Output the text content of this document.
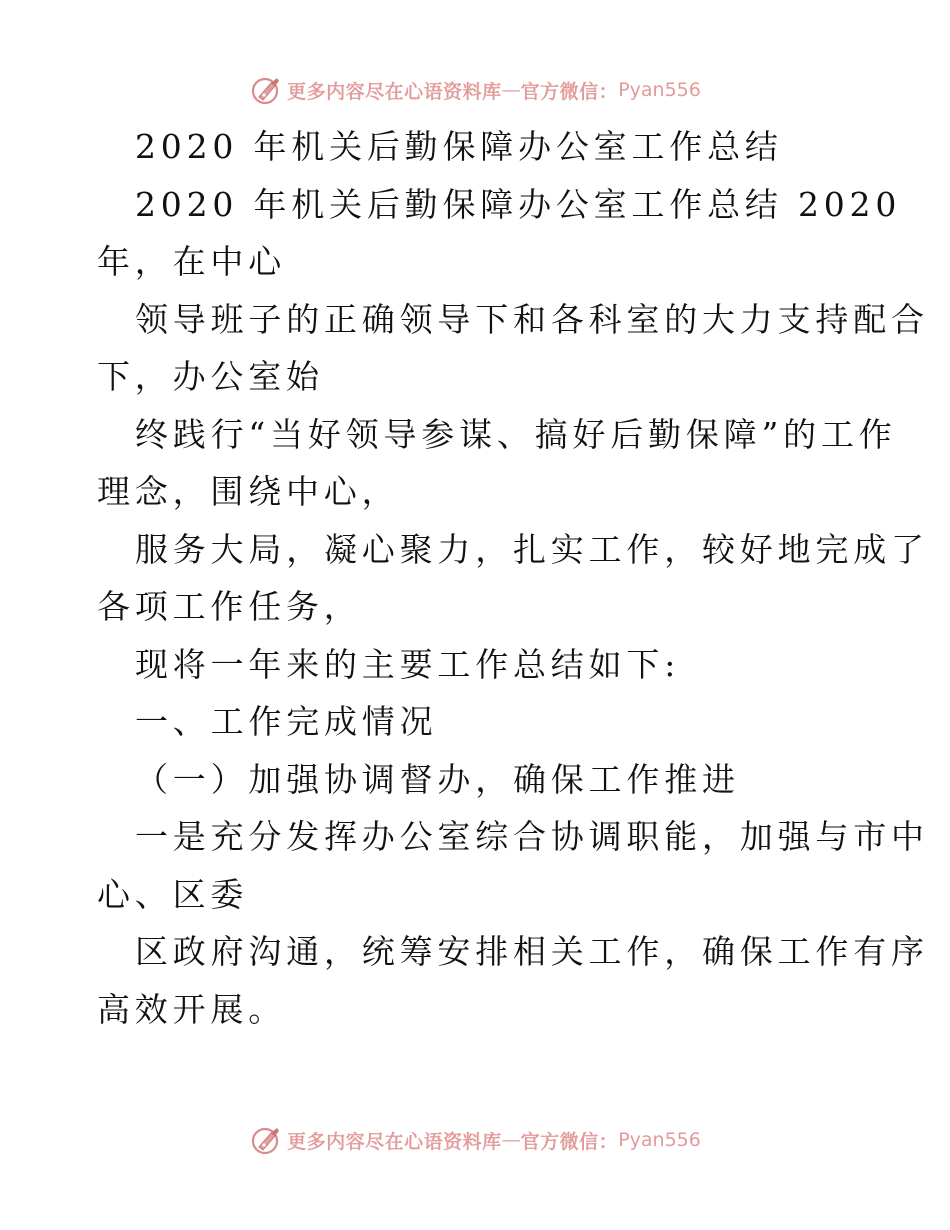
更多内容尽在心语资料库 — 官方微信： Pyan556
2020 年机关后勤保障办公室工作总结
2020 年机关后勤保障办公室工作总结 2020
年，在中心
领导班子的正确领导下和各科室的大力支持配合
下，办公室始
终践行“当好领导参谋、搞好后勤保障”的工作
理念，围绕中心，
服务大局，凝心聚力，扎实工作，较好地完成了
各项工作任务，
现将一年来的主要工作总结如下:
一、工作完成情况
（一）加强协调督办，确保工作推进
一是充分发挥办公室综合协调职能，加强与市中
心、区委
区政府沟通，统筹安排相关工作，确保工作有序
高效开展。
更多内容尽在心语资料库 — 官方微信： Pyan556
